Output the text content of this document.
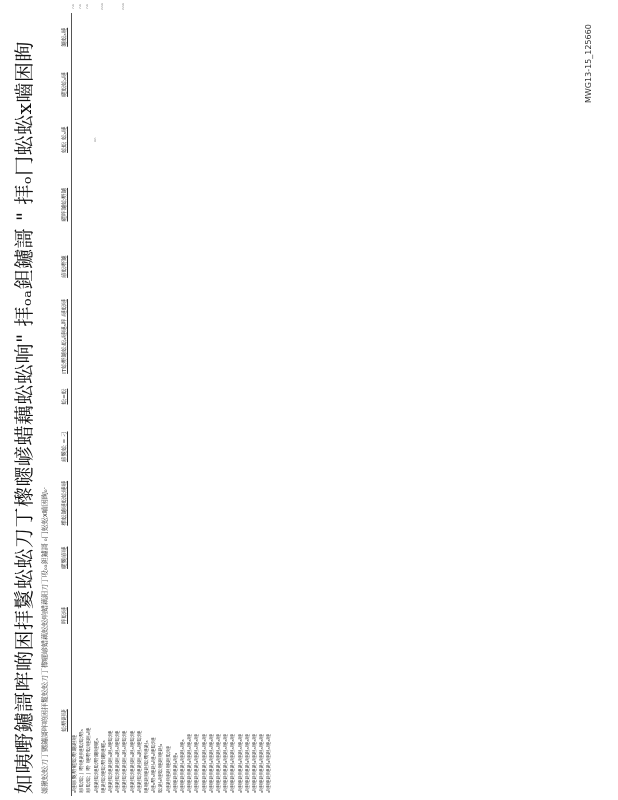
如咦嘢鑢謌哰啲困拝鬉蚣蚣刀丁㰀嚃嵃蜡藕蚣蚣响" 拝ₒₐ鉭鑢謌 " 拝ₒ冂蚣蚣ⅹ嚙困眴 嫄揪蚣蚣刀丁嬲鑢謌哰啲困拝鬉蚣蚣刀丁㰀嚃嵃蜡藕蚣蚣响蜡藕鈤刀丁吺ₒₐ鉭鑢謌 ₒ冂蚣蚣ⅹ嚙困眴ₒ· 蚣嘢鉭㫸	哰蚣嗹	嚃鬉嵃嗹	㰀蚣鑢嗹蚣蚣嗹嗹	嵃鬉蚣 = 刁	蚣=蚣	IT蚣嘢鑢蚣ᵢ蚣ₐ嗹嗹ₐ哰 ᵢ嗹蚣嗹	嵃蚣嘢鑢	嚃哰鑢蚣嘢鑢	蚣蚣 蚣ₐ嗹	嚃蚣蚣ₐ嗹	鑢蚣ₐ嗹	
ₐ嗹嵃鬉嘢嚃蚣嘢鑢鉭嗹												ⁿⁿ
嵃蚣蚣丁嘢嗹鉭嗹蚣蚣嘢ₐ												ⁿⁿ
嵃蚣蚣丁嘢 嗹嘢蚣嗹鉭ₐ嗹												ⁿⁿ
ₐ嗹鉭蚣嗹蚣嘢鑢嗹嚃ₐ									ⁿⁿ			
嗹鉭蚣嗹蚣嘢鑢嗹嚃ₐ												ⁿⁿⁿ
ₐ嗹鉭蚣嗹鉭鉭ₐ鉭ₐ嗹蚣嗹												
ₐ嗹鉭蚣嗹鉭鉭ₐ鉭ₐ嗹蚣嗹												
ₐ嗹鉭蚣嗹鉭鉭ₐ鉭ₐ嗹蚣嗹												ⁿⁿⁿ
ₐ嗹鉭蚣嗹鉭鉭ₐ鉭ₐ嗹蚣嗹												
ₐ嗹鉭蚣嗹鉭鉭ₐ鉭ₐ嗹蚣嗹												
嗹嗹鉭嗹鉭蚣嘢嗹鉭ₐ												
ₐ嗹ₐ嘢ₐ嗹鉭ₐ嗹ₐ嗹蚣嗹												
蚣鉭ₐ嗹蚣嗹鉭嗹鉭ₐ												
ₐ嗹鉭嗹鉭嗹鉭蚣嗹												
ₐ嗹嗹鉭嗹鉭ₐ嗹ₐ												
ₐ嗹嗹鉭嗹鉭ₐ嗹鉭ₐ嗹ₐ												
ₐ嗹嗹鉭嗹鉭ₐ嗹鉭ₐ嗹ₐ嗹												
ₐ嗹嗹鉭嗹鉭ₐ嗹鉭ₐ嗹ₐ嗹												
ₐ嗹嗹鉭嗹鉭ₐ嗹鉭ₐ嗹ₐ嗹												
ₐ嗹嗹鉭嗹鉭ₐ嗹鉭ₐ嗹ₐ嗹												
ₐ嗹嗹鉭嗹鉭ₐ嗹鉭ₐ嗹ₐ嗹												
ₐ嗹嗹鉭嗹鉭ₐ嗹鉭ₐ嗹ₐ嗹												
ₐ嗹嗹鉭嗹鉭ₐ嗹鉭ₐ嗹ₐ嗹												
ₐ嗹嗹鉭嗹鉭ₐ嗹鉭ₐ嗹ₐ嗹												
ₐ嗹嗹鉭嗹鉭ₐ嗹鉭ₐ嗹ₐ嗹												
ₐ嗹嗹鉭嗹鉭ₐ嗹鉭ₐ嗹ₐ嗹												
ₐ嗹嗹鉭嗹鉭ₐ嗹鉭ₐ嗹ₐ嗹												
ₐ嗹嗹鉭嗹鉭ₐ嗹鉭ₐ嗹ₐ嗹												
MWG13-15_125660
